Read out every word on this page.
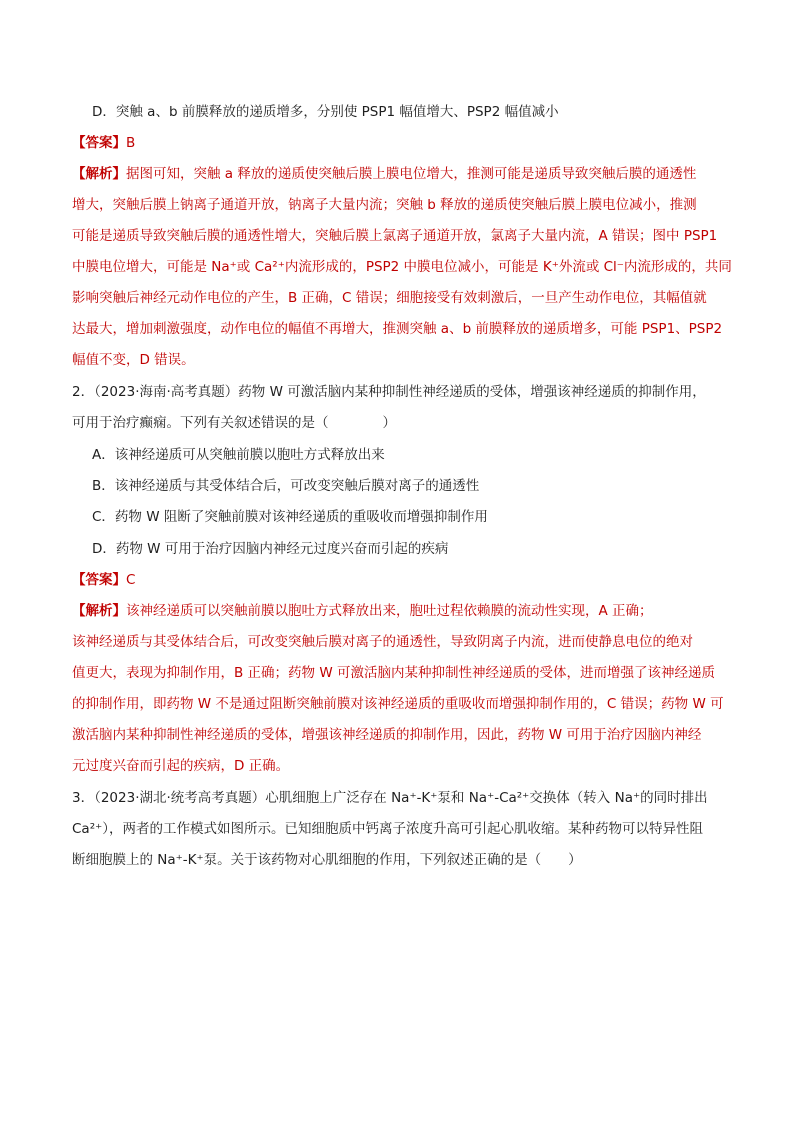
D．突触 a、b 前膜释放的递质增多，分别使 PSP1 幅值增大、PSP2 幅值减小
【答案】B
【解析】据图可知，突触 a 释放的递质使突触后膜上膜电位增大，推测可能是递质导致突触后膜的通透性
增大，突触后膜上钠离子通道开放，钠离子大量内流；突触 b 释放的递质使突触后膜上膜电位减小，推测
可能是递质导致突触后膜的通透性增大，突触后膜上氯离子通道开放，氯离子大量内流，A 错误；图中 PSP1
中膜电位增大，可能是 Na⁺或 Ca²⁺内流形成的，PSP2 中膜电位减小，可能是 K⁺外流或 Cl⁻内流形成的，共同
影响突触后神经元动作电位的产生，B 正确，C 错误；细胞接受有效刺激后，一旦产生动作电位，其幅值就
达最大，增加刺激强度，动作电位的幅值不再增大，推测突触 a、b 前膜释放的递质增多，可能 PSP1、PSP2
幅值不变，D 错误。
2．（2023·海南·高考真题）药物 W 可激活脑内某种抑制性神经递质的受体，增强该神经递质的抑制作用，
可用于治疗癫痫。下列有关叙述错误的是（　　　　）
A．该神经递质可从突触前膜以胞吐方式释放出来
B．该神经递质与其受体结合后，可改变突触后膜对离子的通透性
C．药物 W 阻断了突触前膜对该神经递质的重吸收而增强抑制作用
D．药物 W 可用于治疗因脑内神经元过度兴奋而引起的疾病
【答案】C
【解析】该神经递质可以突触前膜以胞吐方式释放出来，胞吐过程依赖膜的流动性实现，A 正确；
该神经递质与其受体结合后，可改变突触后膜对离子的通透性，导致阴离子内流，进而使静息电位的绝对
值更大，表现为抑制作用，B 正确；药物 W 可激活脑内某种抑制性神经递质的受体，进而增强了该神经递质
的抑制作用，即药物 W 不是通过阻断突触前膜对该神经递质的重吸收而增强抑制作用的，C 错误；药物 W 可
激活脑内某种抑制性神经递质的受体，增强该神经递质的抑制作用，因此，药物 W 可用于治疗因脑内神经
元过度兴奋而引起的疾病，D 正确。
3．（2023·湖北·统考高考真题）心肌细胞上广泛存在 Na⁺-K⁺泵和 Na⁺-Ca²⁺交换体（转入 Na⁺的同时排出
Ca²⁺），两者的工作模式如图所示。已知细胞质中钙离子浓度升高可引起心肌收缩。某种药物可以特异性阻
断细胞膜上的 Na⁺-K⁺泵。关于该药物对心肌细胞的作用，下列叙述正确的是（　　）
